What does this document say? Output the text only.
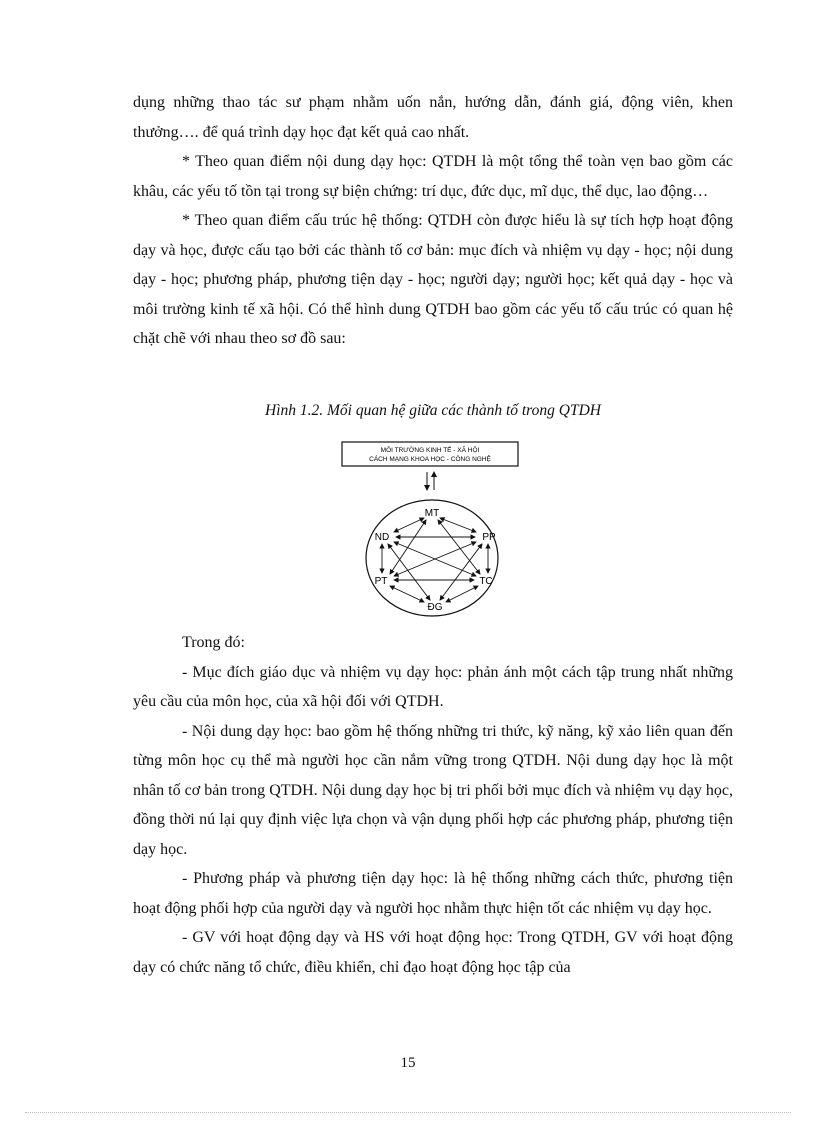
dụng những thao tác sư phạm nhằm uốn nắn, hướng dẫn, đánh giá, động viên, khen thưởng…. để quá trình dạy học đạt kết quả cao nhất.

* Theo quan điểm nội dung dạy học: QTDH là một tổng thể toàn vẹn bao gồm các khâu, các yếu tố tồn tại trong sự biện chứng: trí dục, đức dục, mĩ dục, thể dục, lao động…

* Theo quan điểm cấu trúc hệ thống: QTDH còn được hiểu là sự tích hợp hoạt động dạy và học, được cấu tạo bởi các thành tố cơ bản: mục đích và nhiệm vụ dạy - học; nội dung dạy - học; phương pháp, phương tiện dạy - học; người dạy; người học; kết quả dạy - học và môi trường kinh tế xã hội. Có thể hình dung QTDH bao gồm các yếu tố cấu trúc có quan hệ chặt chẽ với nhau theo sơ đồ sau:

Hình 1.2. Mối quan hệ giữa các thành tố trong QTDH
MÔI TRƯỜNG KINH TẾ - XÃ HỘI
CÁCH MẠNG KHOA HỌC - CÔNG NGHỆ
MT
ND	PP
PT	TC
ĐG

Trong đó:

- Mục đích giáo dục và nhiệm vụ dạy học: phản ánh một cách tập trung nhất những yêu cầu của môn học, của xã hội đối với QTDH.

- Nội dung dạy học: bao gồm hệ thống những tri thức, kỹ năng, kỹ xảo liên quan đến từng môn học cụ thể mà người học cần nắm vững trong QTDH. Nội dung dạy học là một nhân tố cơ bản trong QTDH. Nội dung dạy học bị tri phối bởi mục đích và nhiệm vụ dạy học, đồng thời nú lại quy định việc lựa chọn và vận dụng phối hợp các phương pháp, phương tiện dạy học.

- Phương pháp và phương tiện dạy học: là hệ thống những cách thức, phương tiện hoạt động phối hợp của người dạy và người học nhằm thực hiện tốt các nhiệm vụ dạy học.

- GV với hoạt động dạy và HS với hoạt động học: Trong QTDH, GV với hoạt động dạy có chức năng tổ chức, điều khiển, chỉ đạo hoạt động học tập của

15
